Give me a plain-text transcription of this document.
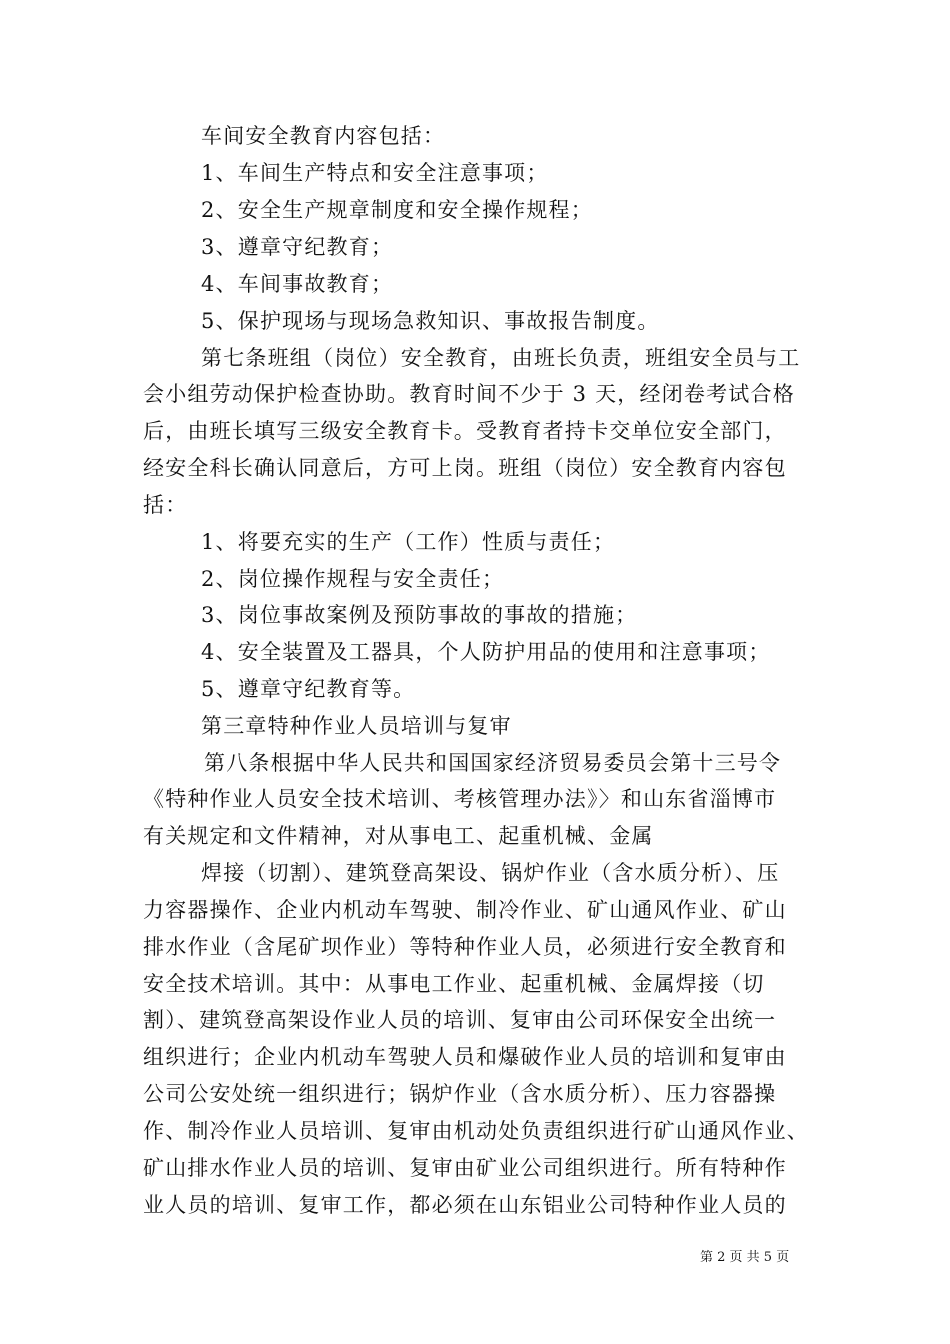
车间安全教育内容包括：
1、车间生产特点和安全注意事项；
2、安全生产规章制度和安全操作规程；
3、遵章守纪教育；
4、车间事故教育；
5、保护现场与现场急救知识、事故报告制度。
第七条班组（岗位）安全教育，由班长负责，班组安全员与工
会小组劳动保护检查协助。教育时间不少于 3 天，经闭卷考试合格
后，由班长填写三级安全教育卡。受教育者持卡交单位安全部门，
经安全科长确认同意后，方可上岗。班组（岗位）安全教育内容包
括：
1、将要充实的生产（工作）性质与责任；
2、岗位操作规程与安全责任；
3、岗位事故案例及预防事故的事故的措施；
4、安全装置及工器具，个人防护用品的使用和注意事项；
5、遵章守纪教育等。
第三章特种作业人员培训与复审
第八条根据中华人民共和国国家经济贸易委员会第十三号令
《特种作业人员安全技术培训、考核管理办法》〉和山东省淄博市
有关规定和文件精神，对从事电工、起重机械、金属
焊接（切割）、建筑登高架设、锅炉作业（含水质分析）、压
力容器操作、企业内机动车驾驶、制冷作业、矿山通风作业、矿山
排水作业（含尾矿坝作业）等特种作业人员，必须进行安全教育和
安全技术培训。其中：从事电工作业、起重机械、金属焊接（切
割）、建筑登高架设作业人员的培训、复审由公司环保安全出统一
组织进行；企业内机动车驾驶人员和爆破作业人员的培训和复审由
公司公安处统一组织进行；锅炉作业（含水质分析）、压力容器操
作、制冷作业人员培训、复审由机动处负责组织进行矿山通风作业、
矿山排水作业人员的培训、复审由矿业公司组织进行。所有特种作
业人员的培训、复审工作，都必须在山东铝业公司特种作业人员的
第 2 页 共 5 页
